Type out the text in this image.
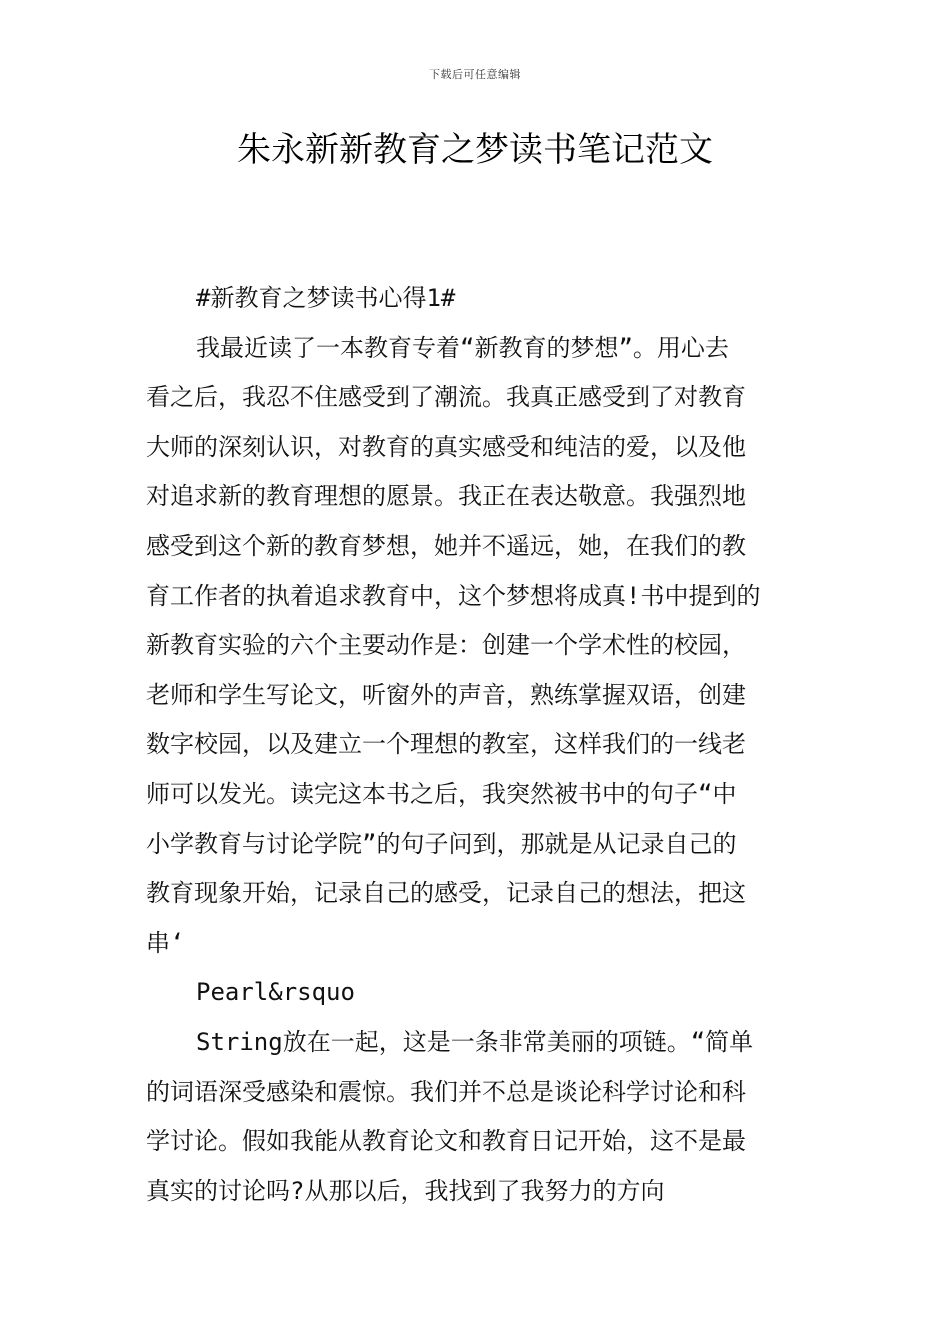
下载后可任意编辑
朱永新新教育之梦读书笔记范文
#新教育之梦读书心得1#
我最近读了一本教育专着“新教育的梦想”。用心去
看之后，我忍不住感受到了潮流。我真正感受到了对教育
大师的深刻认识，对教育的真实感受和纯洁的爱，以及他
对追求新的教育理想的愿景。我正在表达敬意。我强烈地
感受到这个新的教育梦想，她并不遥远，她，在我们的教
育工作者的执着追求教育中，这个梦想将成真!书中提到的
新教育实验的六个主要动作是：创建一个学术性的校园，
老师和学生写论文，听窗外的声音，熟练掌握双语，创建
数字校园，以及建立一个理想的教室，这样我们的一线老
师可以发光。读完这本书之后，我突然被书中的句子“中
小学教育与讨论学院”的句子问到，那就是从记录自己的
教育现象开始，记录自己的感受，记录自己的想法，把这
串‘
Pearl&rsquo
String放在一起，这是一条非常美丽的项链。“简单
的词语深受感染和震惊。我们并不总是谈论科学讨论和科
学讨论。假如我能从教育论文和教育日记开始，这不是最
真实的讨论吗?从那以后，我找到了我努力的方向
